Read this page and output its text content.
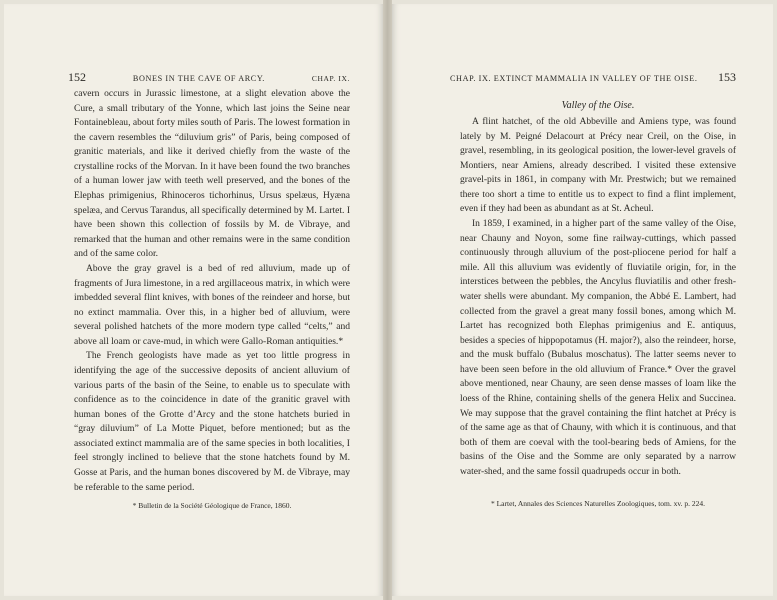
152	BONES IN THE CAVE OF ARCY.	CHAP. IX.

cavern occurs in Jurassic limestone, at a slight elevation above the Cure, a small tributary of the Yonne, which last joins the Seine near Fontainebleau, about forty miles south of Paris. The lowest formation in the cavern resembles the “diluvium gris” of Paris, being composed of granitic materials, and like it derived chiefly from the waste of the crystalline rocks of the Morvan. In it have been found the two branches of a human lower jaw with teeth well preserved, and the bones of the Elephas primigenius, Rhinoceros tichorhinus, Ursus spelæus, Hyæna spelæa, and Cervus Tarandus, all specifically determined by M. Lartet. I have been shown this collection of fossils by M. de Vibraye, and remarked that the human and other remains were in the same condition and of the same color.

Above the gray gravel is a bed of red alluvium, made up of fragments of Jura limestone, in a red argillaceous matrix, in which were imbedded several flint knives, with bones of the reindeer and horse, but no extinct mammalia. Over this, in a higher bed of alluvium, were several polished hatchets of the more modern type called “celts,” and above all loam or cave-mud, in which were Gallo-Roman antiquities.*

The French geologists have made as yet too little progress in identifying the age of the successive deposits of ancient alluvium of various parts of the basin of the Seine, to enable us to speculate with confidence as to the coincidence in date of the granitic gravel with human bones of the Grotte d’Arcy and the stone hatchets buried in “gray diluvium” of La Motte Piquet, before mentioned; but as the associated extinct mammalia are of the same species in both localities, I feel strongly inclined to believe that the stone hatchets found by M. Gosse at Paris, and the human bones discovered by M. de Vibraye, may be referable to the same period.

* Bulletin de la Société Géologique de France, 1860.
CHAP. IX. EXTINCT MAMMALIA IN VALLEY OF THE OISE. 153
Valley of the Oise.

A flint hatchet, of the old Abbeville and Amiens type, was found lately by M. Peigné Delacourt at Précy near Creil, on the Oise, in gravel, resembling, in its geological position, the lower-level gravels of Montiers, near Amiens, already described. I visited these extensive gravel-pits in 1861, in company with Mr. Prestwich; but we remained there too short a time to entitle us to expect to find a flint implement, even if they had been as abundant as at St. Acheul.

In 1859, I examined, in a higher part of the same valley of the Oise, near Chauny and Noyon, some fine railway-cuttings, which passed continuously through alluvium of the post-pliocene period for half a mile. All this alluvium was evidently of fluviatile origin, for, in the interstices between the pebbles, the Ancylus fluviatilis and other fresh-water shells were abundant. My companion, the Abbé E. Lambert, had collected from the gravel a great many fossil bones, among which M. Lartet has recognized both Elephas primigenius and E. antiquus, besides a species of hippopotamus (H. major?), also the reindeer, horse, and the musk buffalo (Bubalus moschatus). The latter seems never to have been seen before in the old alluvium of France.* Over the gravel above mentioned, near Chauny, are seen dense masses of loam like the loess of the Rhine, containing shells of the genera Helix and Succinea. We may suppose that the gravel containing the flint hatchet at Précy is of the same age as that of Chauny, with which it is continuous, and that both of them are coeval with the tool-bearing beds of Amiens, for the basins of the Oise and the Somme are only separated by a narrow water-shed, and the same fossil quadrupeds occur in both.

* Lartet, Annales des Sciences Naturelles Zoologiques, tom. xv. p. 224.
